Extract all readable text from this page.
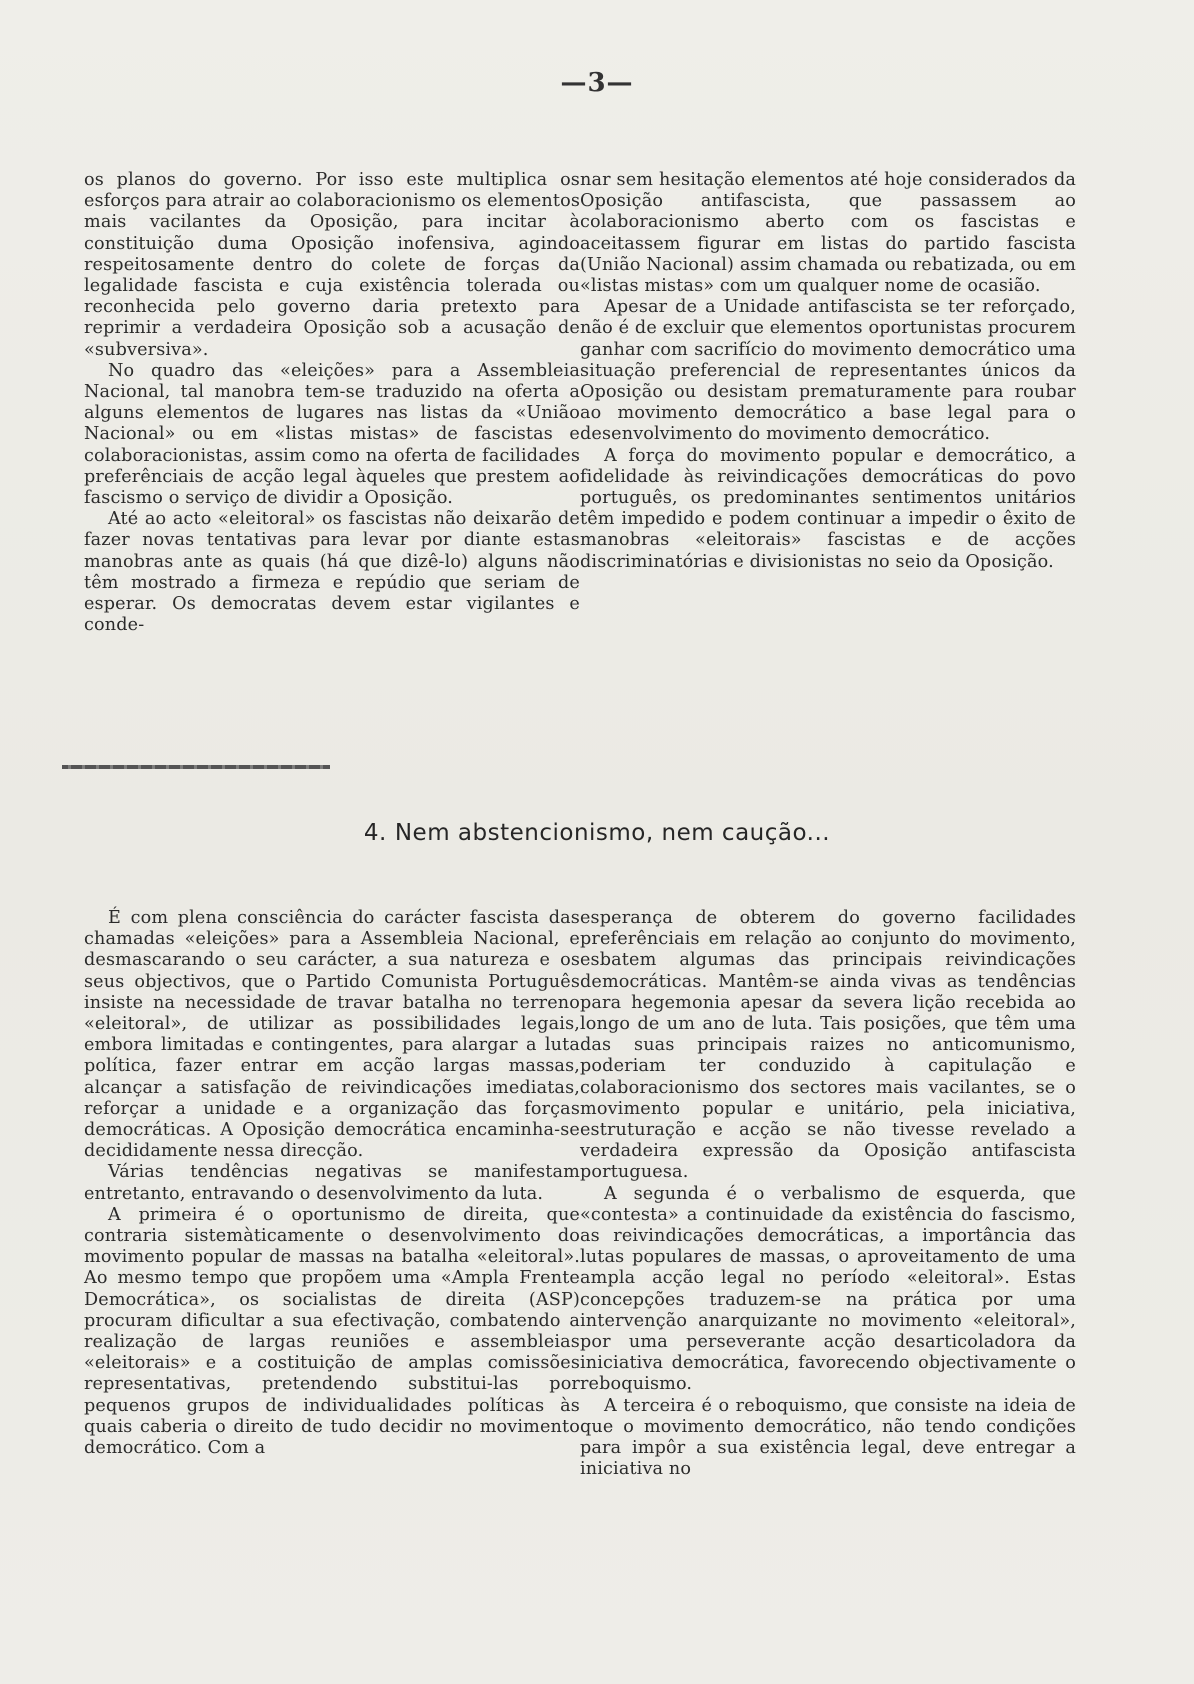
—3—

os planos do governo. Por isso este multiplica os esforços para atrair ao colaboracionismo os elementos mais vacilantes da Oposição, para incitar à constituição duma Oposição inofensiva, agindo respeitosamente dentro do colete de forças da legalidade fascista e cuja existência tolerada ou reconhecida pelo governo daria pretexto para reprimir a verdadeira Oposição sob a acusação de «subversiva».

No quadro das «eleições» para a Assembleia Nacional, tal manobra tem-se traduzido na oferta a alguns elementos de lugares nas listas da «União Nacional» ou em «listas mistas» de fascistas e colaboracionistas, assim como na oferta de facilidades preferênciais de acção legal àqueles que prestem ao fascismo o serviço de dividir a Oposição.

Até ao acto «eleitoral» os fascistas não deixarão de fazer novas tentativas para levar por diante estas manobras ante as quais (há que dizê-lo) alguns não têm mostrado a firmeza e repúdio que seriam de esperar. Os democratas devem estar vigilantes e conde-

nar sem hesitação elementos até hoje considerados da Oposição antifascista, que passassem ao colaboracionismo aberto com os fascistas e aceitassem figurar em listas do partido fascista (União Nacional) assim chamada ou rebatizada, ou em «listas mistas» com um qualquer nome de ocasião.

Apesar de a Unidade antifascista se ter reforçado, não é de excluir que elementos oportunistas procurem ganhar com sacrifício do movimento democrático uma situação preferencial de representantes únicos da Oposição ou desistam prematuramente para roubar ao movimento democrático a base legal para o desenvolvimento do movimento democrático.

A força do movimento popular e democrático, a fidelidade às reivindicações democráticas do povo português, os predominantes sentimentos unitários têm impedido e podem continuar a impedir o êxito de manobras «eleitorais» fascistas e de acções discriminatórias e divisionistas no seio da Oposição.

4. Nem abstencionismo, nem caução...

É com plena consciência do carácter fascista das chamadas «eleições» para a Assembleia Nacional, e desmascarando o seu carácter, a sua natureza e os seus objectivos, que o Partido Comunista Português insiste na necessidade de travar batalha no terreno «eleitoral», de utilizar as possibilidades legais, embora limitadas e contingentes, para alargar a luta política, fazer entrar em acção largas massas, alcançar a satisfação de reivindicações imediatas, reforçar a unidade e a organização das forças democráticas. A Oposição democrática encaminha-se decididamente nessa direcção.

Várias tendências negativas se manifestam entretanto, entravando o desenvolvimento da luta.

A primeira é o oportunismo de direita, que contraria sistemàticamente o desenvolvimento do movimento popular de massas na batalha «eleitoral». Ao mesmo tempo que propõem uma «Ampla Frente Democrática», os socialistas de direita (ASP) procuram dificultar a sua efectivação, combatendo a realização de largas reuniões e assembleias «eleitorais» e a costituição de amplas comissões representativas, pretendendo substitui-las por pequenos grupos de individualidades políticas às quais caberia o direito de tudo decidir no movimento democrático. Com a

esperança de obterem do governo facilidades preferênciais em relação ao conjunto do movimento, esbatem algumas das principais reivindicações democráticas. Mantêm-se ainda vivas as tendências para hegemonia apesar da severa lição recebida ao longo de um ano de luta. Tais posições, que têm uma das suas principais raizes no anticomunismo, poderiam ter conduzido à capitulação e colaboracionismo dos sectores mais vacilantes, se o movimento popular e unitário, pela iniciativa, estruturação e acção se não tivesse revelado a verdadeira expressão da Oposição antifascista portuguesa.

A segunda é o verbalismo de esquerda, que «contesta» a continuidade da existência do fascismo, as reivindicações democráticas, a importância das lutas populares de massas, o aproveitamento de uma ampla acção legal no período «eleitoral». Estas concepções traduzem-se na prática por uma intervenção anarquizante no movimento «eleitoral», por uma perseverante acção desarticoladora da iniciativa democrática, favorecendo objectivamente o reboquismo.

A terceira é o reboquismo, que consiste na ideia de que o movimento democrático, não tendo condições para impôr a sua existência legal, deve entregar a iniciativa no
